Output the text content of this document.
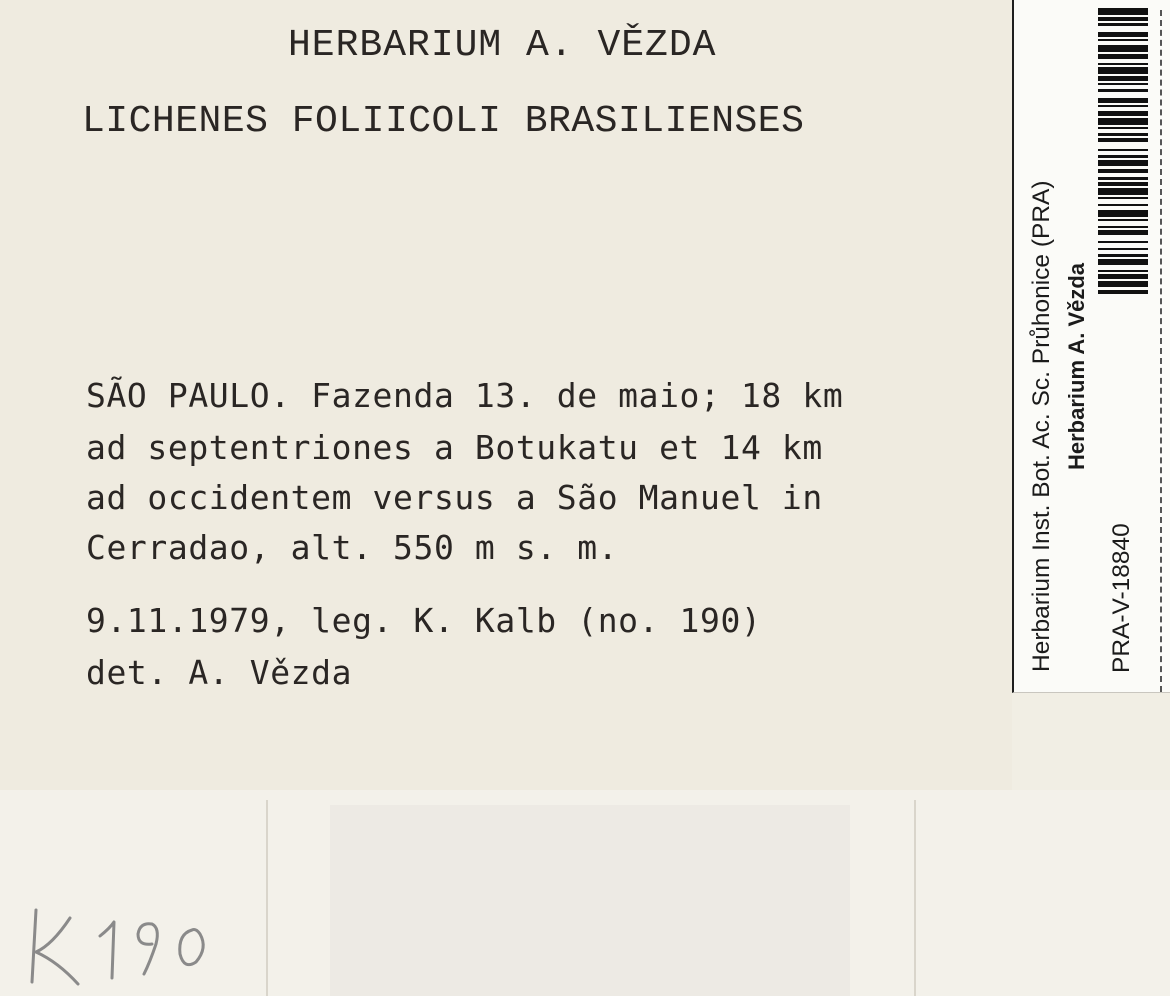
HERBARIUM A. VĚZDA
LICHENES FOLIICOLI BRASILIENSES
SÃO PAULO. Fazenda 13. de maio; 18 km
ad septentriones a Botukatu et 14 km
ad occidentem versus a São Manuel in
Cerradao, alt. 550 m s. m.
9.11.1979, leg. K. Kalb (no. 190)
det. A. Vězda
Herbarium Inst. Bot. Ac. Sc. Průhonice (PRA) Herbarium A. Vězda
PRA-V-18840
